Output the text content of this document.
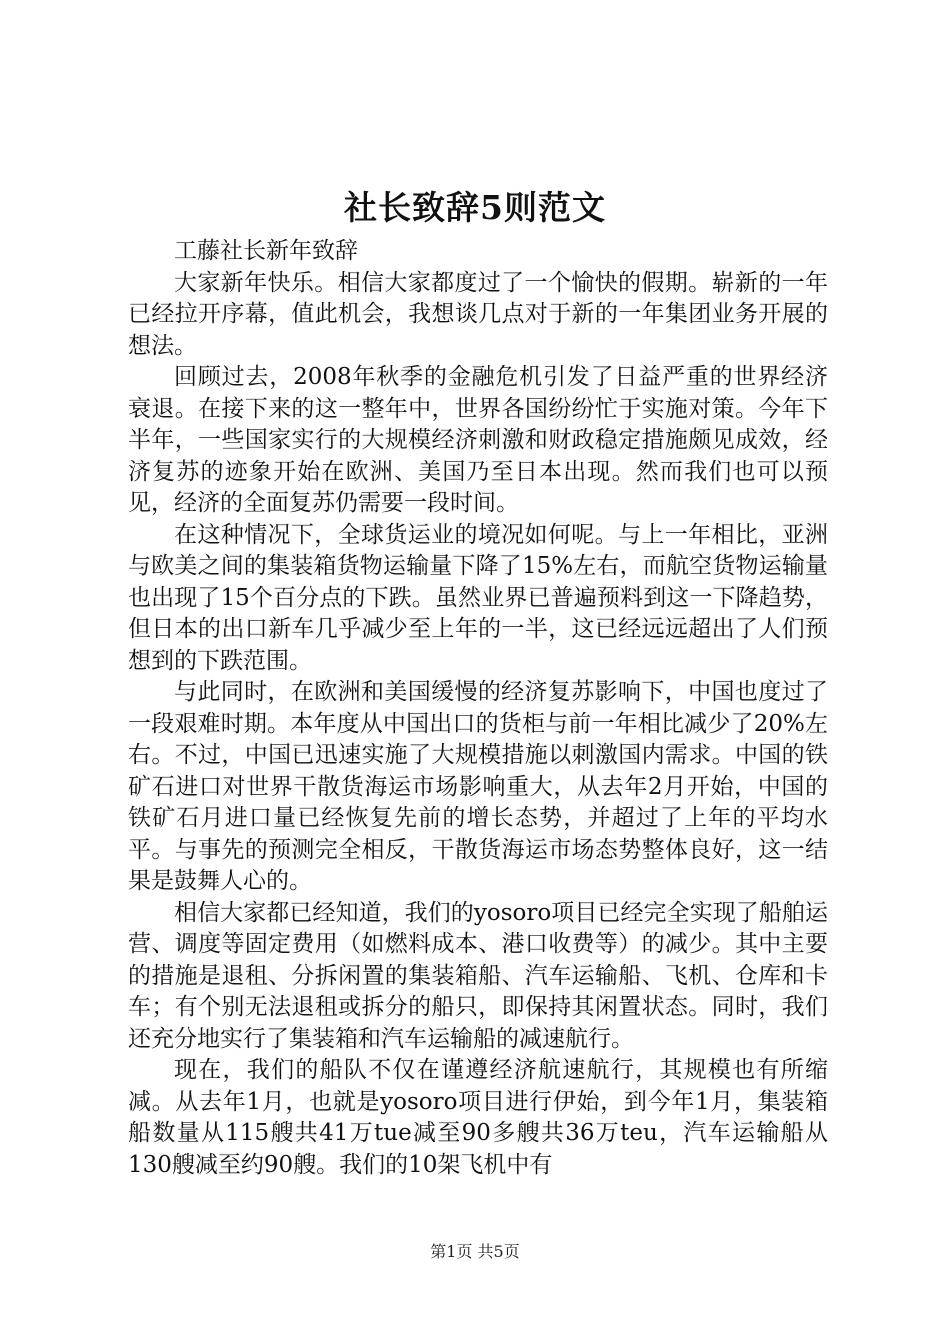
社长致辞5则范文

工藤社长新年致辞

大家新年快乐。相信大家都度过了一个愉快的假期。崭新的一年已经拉开序幕，值此机会，我想谈几点对于新的一年集团业务开展的想法。

回顾过去，2008年秋季的金融危机引发了日益严重的世界经济衰退。在接下来的这一整年中，世界各国纷纷忙于实施对策。今年下半年，一些国家实行的大规模经济刺激和财政稳定措施颇见成效，经济复苏的迹象开始在欧洲、美国乃至日本出现。然而我们也可以预见，经济的全面复苏仍需要一段时间。

在这种情况下，全球货运业的境况如何呢。与上一年相比，亚洲与欧美之间的集装箱货物运输量下降了15%左右，而航空货物运输量也出现了15个百分点的下跌。虽然业界已普遍预料到这一下降趋势，但日本的出口新车几乎减少至上年的一半，这已经远远超出了人们预想到的下跌范围。

与此同时，在欧洲和美国缓慢的经济复苏影响下，中国也度过了一段艰难时期。本年度从中国出口的货柜与前一年相比减少了20%左右。不过，中国已迅速实施了大规模措施以刺激国内需求。中国的铁矿石进口对世界干散货海运市场影响重大，从去年2月开始，中国的铁矿石月进口量已经恢复先前的增长态势，并超过了上年的平均水平。与事先的预测完全相反，干散货海运市场态势整体良好，这一结果是鼓舞人心的。

相信大家都已经知道，我们的yosoro项目已经完全实现了船舶运营、调度等固定费用（如燃料成本、港口收费等）的减少。其中主要的措施是退租、分拆闲置的集装箱船、汽车运输船、飞机、仓库和卡车；有个别无法退租或拆分的船只，即保持其闲置状态。同时，我们还充分地实行了集装箱和汽车运输船的减速航行。

现在，我们的船队不仅在谨遵经济航速航行，其规模也有所缩减。从去年1月，也就是yosoro项目进行伊始，到今年1月，集装箱船数量从115艘共41万tue减至90多艘共36万teu，汽车运输船从130艘减至约90艘。我们的10架飞机中有

第1页 共5页
